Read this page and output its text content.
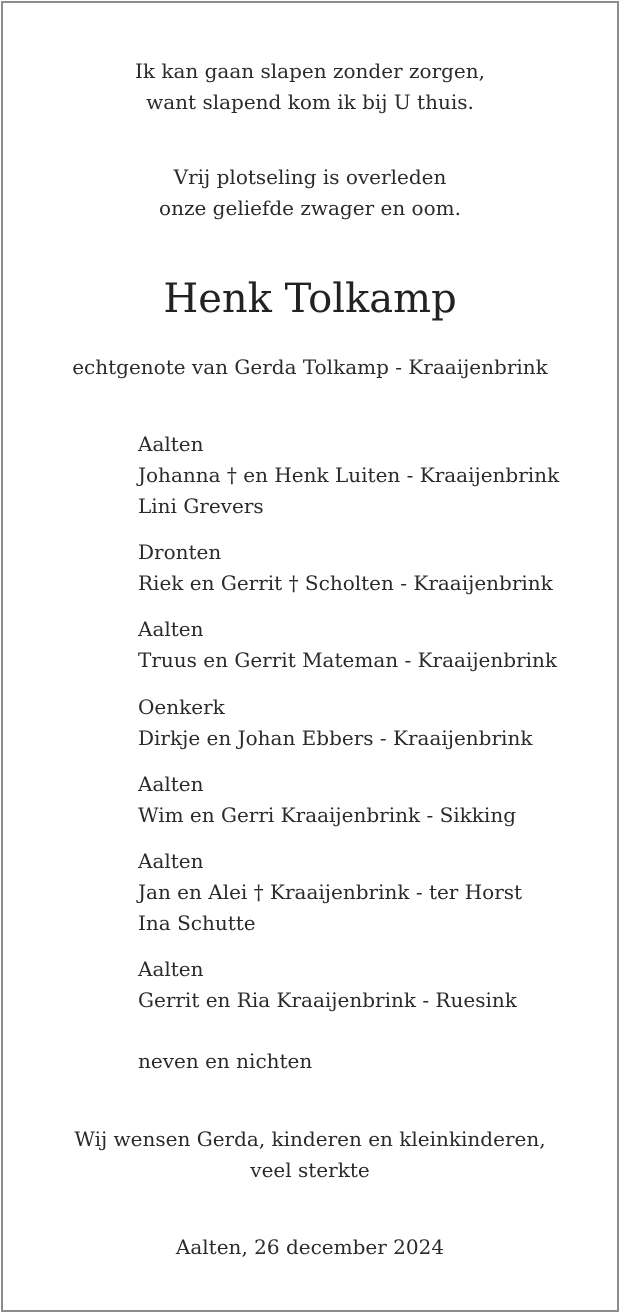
Ik kan gaan slapen zonder zorgen,
want slapend kom ik bij U thuis.
Vrij plotseling is overleden
onze geliefde zwager en oom.
Henk Tolkamp
echtgenote van Gerda Tolkamp - Kraaijenbrink
Aalten
Johanna † en Henk Luiten - Kraaijenbrink
Lini Grevers
Dronten
Riek en Gerrit † Scholten - Kraaijenbrink
Aalten
Truus en Gerrit Mateman - Kraaijenbrink
Oenkerk
Dirkje en Johan Ebbers - Kraaijenbrink
Aalten
Wim en Gerri Kraaijenbrink - Sikking
Aalten
Jan en Alei † Kraaijenbrink - ter Horst
Ina Schutte
Aalten
Gerrit en Ria Kraaijenbrink - Ruesink
neven en nichten
Wij wensen Gerda, kinderen en kleinkinderen,
veel sterkte
Aalten, 26 december 2024
